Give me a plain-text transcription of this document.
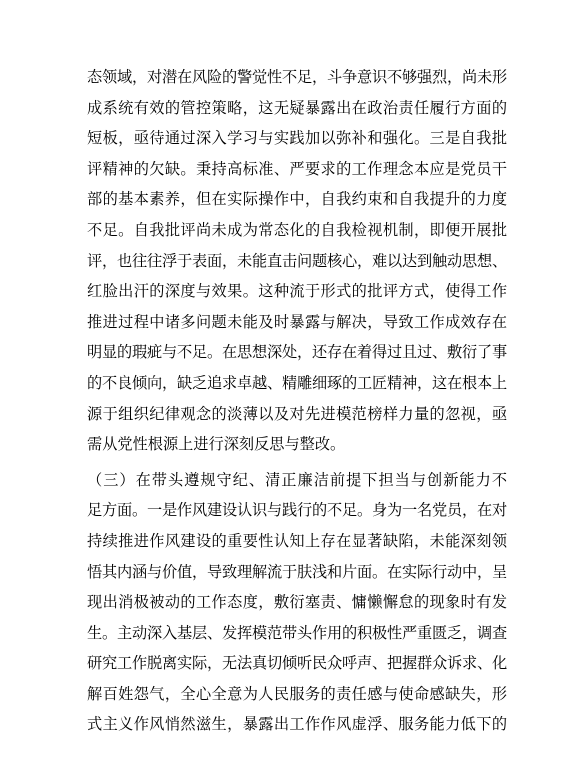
态领域，对潜在风险的警觉性不足，斗争意识不够强烈，尚未形
成系统有效的管控策略，这无疑暴露出在政治责任履行方面的
短板，亟待通过深入学习与实践加以弥补和强化。三是自我批
评精神的欠缺。秉持高标准、严要求的工作理念本应是党员干
部的基本素养，但在实际操作中，自我约束和自我提升的力度
不足。自我批评尚未成为常态化的自我检视机制，即便开展批
评，也往往浮于表面，未能直击问题核心，难以达到触动思想、
红脸出汗的深度与效果。这种流于形式的批评方式，使得工作
推进过程中诸多问题未能及时暴露与解决，导致工作成效存在
明显的瑕疵与不足。在思想深处，还存在着得过且过、敷衍了事
的不良倾向，缺乏追求卓越、精雕细琢的工匠精神，这在根本上
源于组织纪律观念的淡薄以及对先进模范榜样力量的忽视，亟
需从党性根源上进行深刻反思与整改。
（三）在带头遵规守纪、清正廉洁前提下担当与创新能力不
足方面。一是作风建设认识与践行的不足。身为一名党员，在对
持续推进作风建设的重要性认知上存在显著缺陷，未能深刻领
悟其内涵与价值，导致理解流于肤浅和片面。在实际行动中，呈
现出消极被动的工作态度，敷衍塞责、慵懒懈怠的现象时有发
生。主动深入基层、发挥模范带头作用的积极性严重匮乏，调查
研究工作脱离实际，无法真切倾听民众呼声、把握群众诉求、化
解百姓怨气，全心全意为人民服务的责任感与使命感缺失，形
式主义作风悄然滋生，暴露出工作作风虚浮、服务能力低下的
